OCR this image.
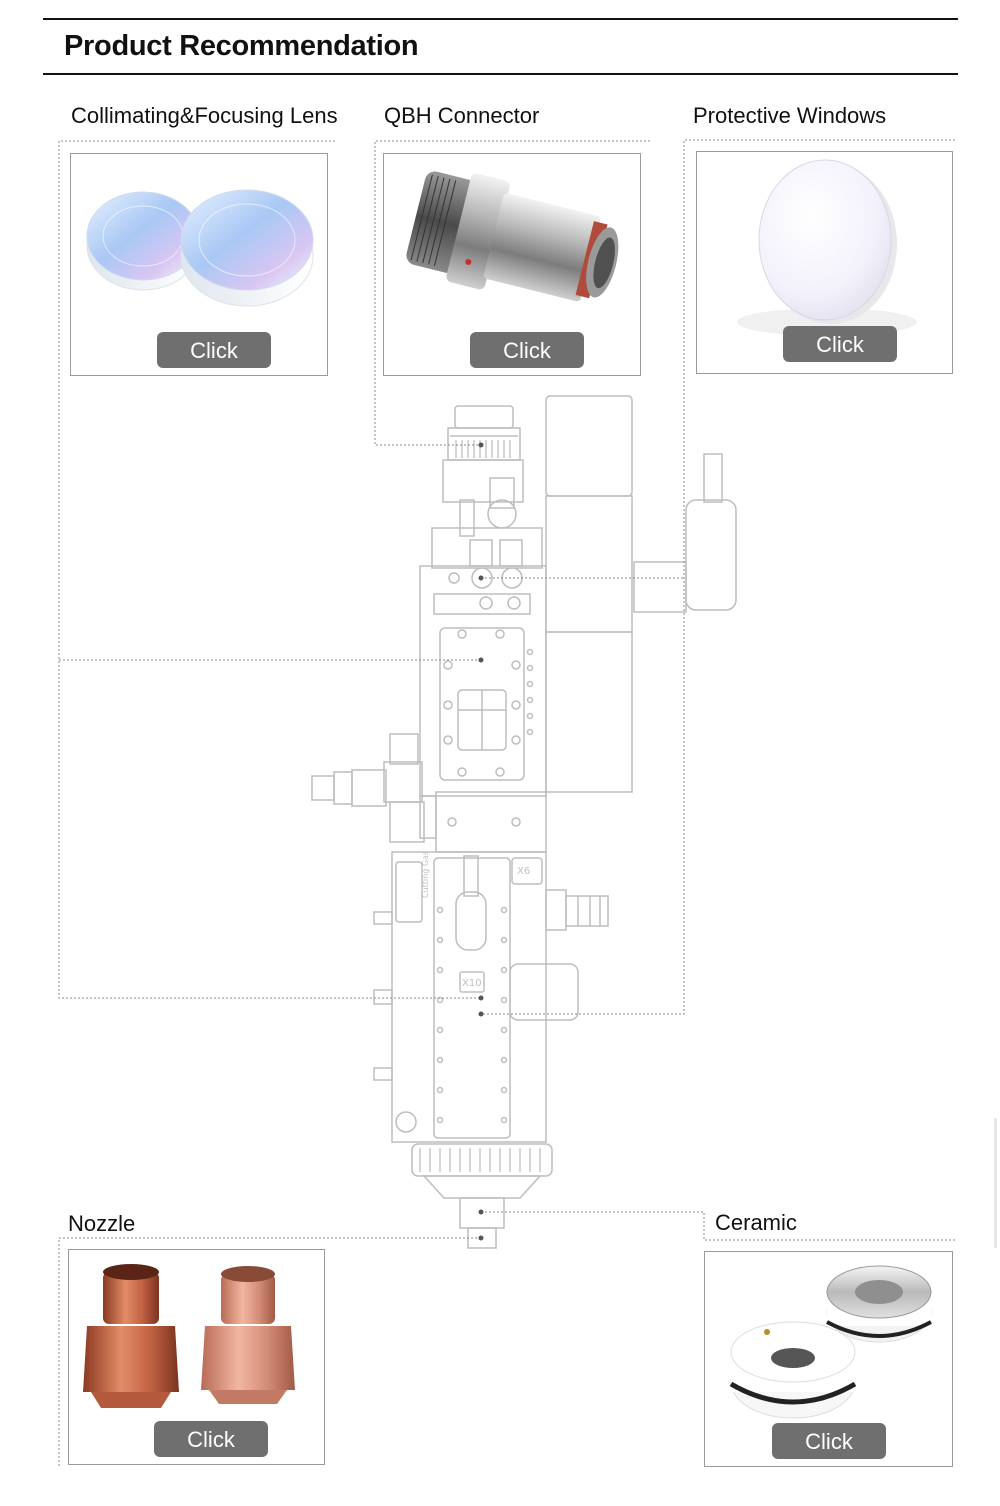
Product Recommendation
X6
X10
Cutting Gas
Collimating&Focusing Lens QBH Connector	Protective Windows
Nozzle	Ceramic
Click	Click	Click
Click	Click
